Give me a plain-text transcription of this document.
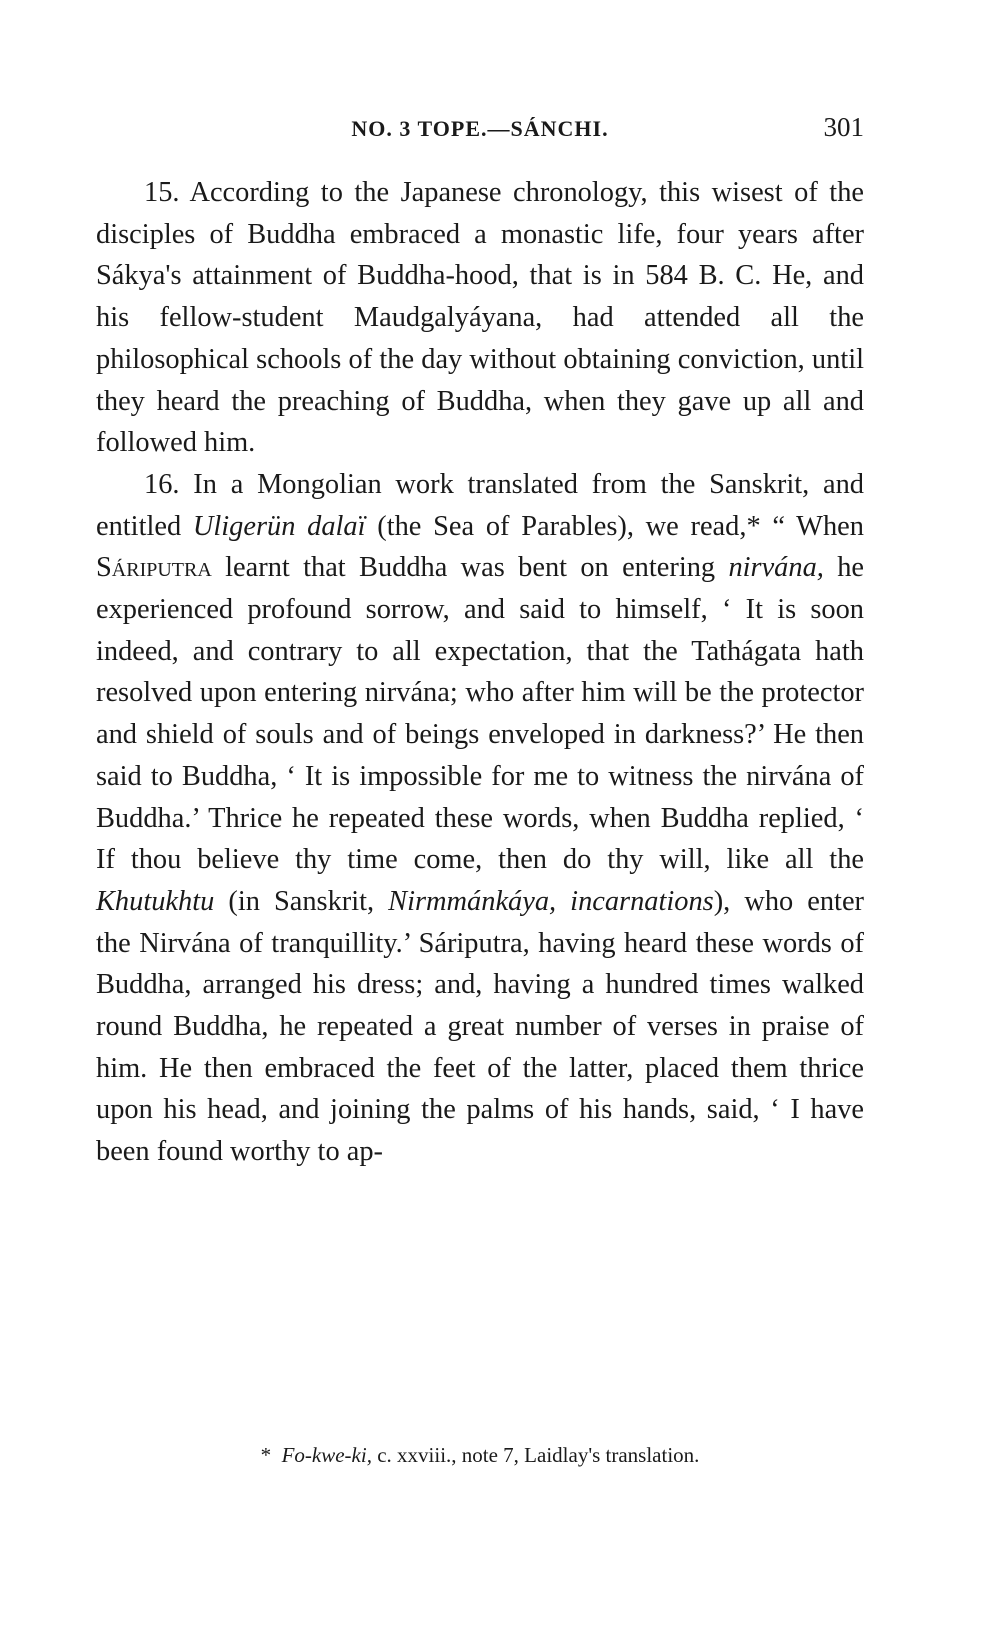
NO. 3 TOPE.—SÁNCHI.	301

15. According to the Japanese chronology, this wisest of the disciples of Buddha embraced a monastic life, four years after Sákya's attainment of Buddha-hood, that is in 584 B. C. He, and his fellow-student Maudgalyáyana, had attended all the philosophical schools of the day without obtaining conviction, until they heard the preaching of Buddha, when they gave up all and followed him.

16. In a Mongolian work translated from the Sanskrit, and entitled Uligerün dalaï (the Sea of Parables), we read,* “ When Sáriputra learnt that Buddha was bent on entering nirvána, he experienced profound sorrow, and said to himself, ‘ It is soon indeed, and contrary to all expectation, that the Tathágata hath resolved upon entering nirvána; who after him will be the protector and shield of souls and of beings enveloped in darkness?’ He then said to Buddha, ‘ It is impossible for me to witness the nirvána of Buddha.’ Thrice he repeated these words, when Buddha replied, ‘ If thou believe thy time come, then do thy will, like all the Khutukhtu (in Sanskrit, Nirmmánkáya, incarnations), who enter the Nirvána of tranquillity.’ Sáriputra, having heard these words of Buddha, arranged his dress; and, having a hundred times walked round Buddha, he repeated a great number of verses in praise of him. He then embraced the feet of the latter, placed them thrice upon his head, and joining the palms of his hands, said, ‘ I have been found worthy to ap-

* Fo-kwe-ki, c. xxviii., note 7, Laidlay's translation.
